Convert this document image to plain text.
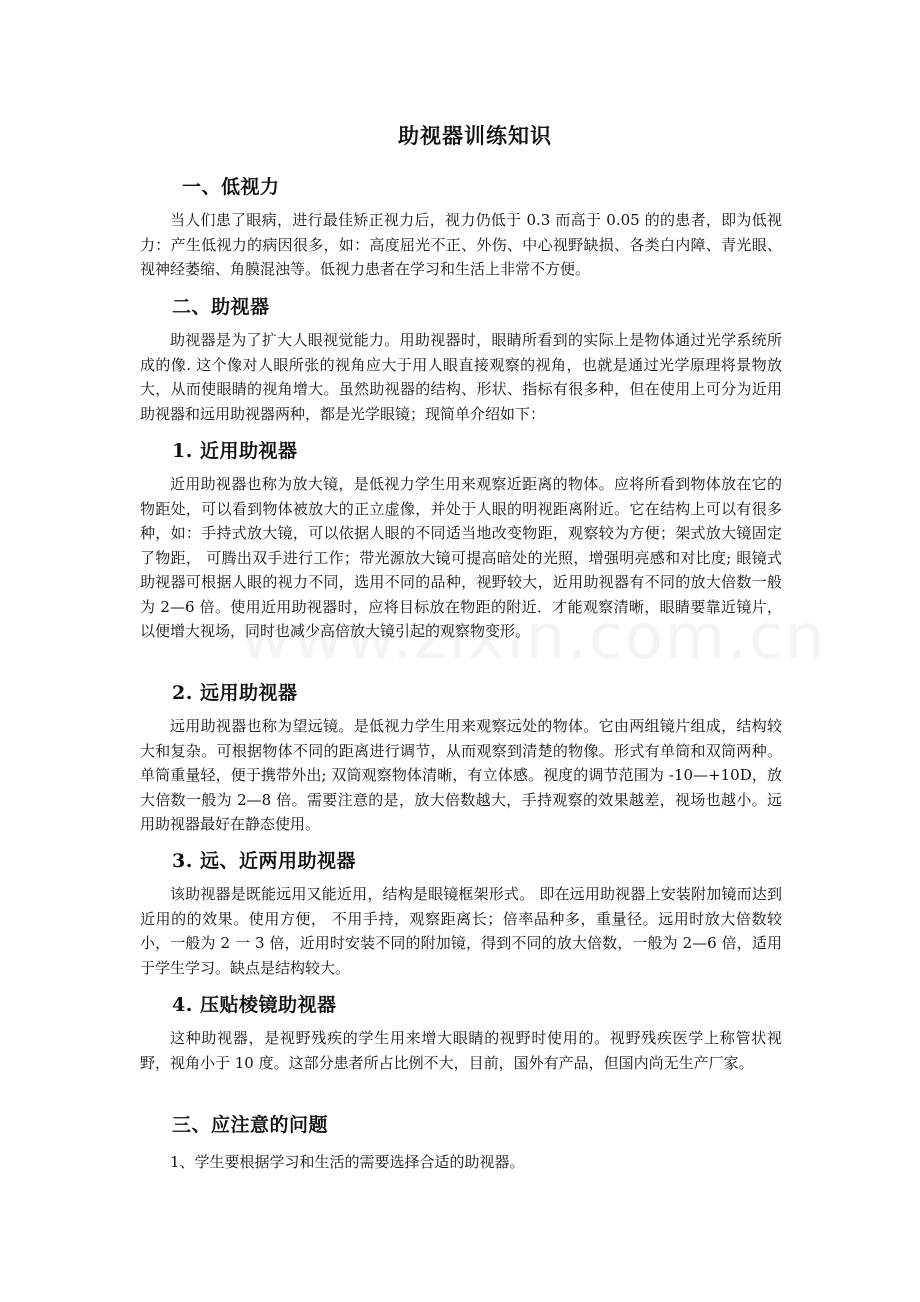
助视器训练知识
一、低视力
当人们患了眼病，进行最佳矫正视力后，视力仍低于 0.3 而高于 0.05 的的患者，即为低视力：产生低视力的病因很多，如：高度屈光不正、外伤、中心视野缺损、各类白内障、青光眼、视神经萎缩、角膜混浊等。低视力患者在学习和生活上非常不方便。
二、助视器
助视器是为了扩大人眼视觉能力。用助视器时，眼睛所看到的实际上是物体通过光学系统所成的像. 这个像对人眼所张的视角应大于用人眼直接观察的视角，也就是通过光学原理将景物放大，从而使眼睛的视角增大。虽然助视器的结构、形状、指标有很多种，但在使用上可分为近用助视器和远用助视器两种，都是光学眼镜；现简单介绍如下：
1. 近用助视器
近用助视器也称为放大镜，是低视力学生用来观察近距离的物体。应将所看到物体放在它的物距处，可以看到物体被放大的正立虚像，并处于人眼的明视距离附近。它在结构上可以有很多种，如：手持式放大镜，可以依据人眼的不同适当地改变物距，观察较为方便；架式放大镜固定了物距， 可腾出双手进行工作；带光源放大镜可提高暗处的光照，增强明亮感和对比度; 眼镜式助视器可根据人眼的视力不同，选用不同的品种，视野较大，近用助视器有不同的放大倍数一般为 2—6 倍。使用近用助视器时，应将目标放在物距的附近．才能观察清晰，眼睛要靠近镜片，以便增大视场，同时也减少高倍放大镜引起的观察物变形。
2. 远用助视器
远用助视器也称为望远镜。是低视力学生用来观察远处的物体。它由两组镜片组成，结构较大和复杂。可根据物体不同的距离进行调节，从而观察到清楚的物像。形式有单筒和双筒两种。单筒重量轻，便于携带外出; 双筒观察物体清晰，有立体感。视度的调节范围为 -10—+10D，放大倍数一般为 2—8 倍。需要注意的是，放大倍数越大，手持观察的效果越差，视场也越小。远用助视器最好在静态使用。
3. 远、近两用助视器
该助视器是既能远用又能近用，结构是眼镜框架形式。 即在远用助视器上安装附加镜而达到近用的的效果。使用方便， 不用手持，观察距离长；倍率品种多，重量径。远用时放大倍数较小，一般为 2 一 3 倍，近用时安装不同的附加镜，得到不同的放大倍数，一般为 2—6 倍，适用于学生学习。缺点是结构较大。
4. 压贴棱镜助视器
这种助视器，是视野残疾的学生用来增大眼睛的视野时使用的。视野残疾医学上称管状视野，视角小于 10 度。这部分患者所占比例不大，目前，国外有产品，但国内尚无生产厂家。
三、应注意的问题
1、学生要根据学习和生活的需要选择合适的助视器。
